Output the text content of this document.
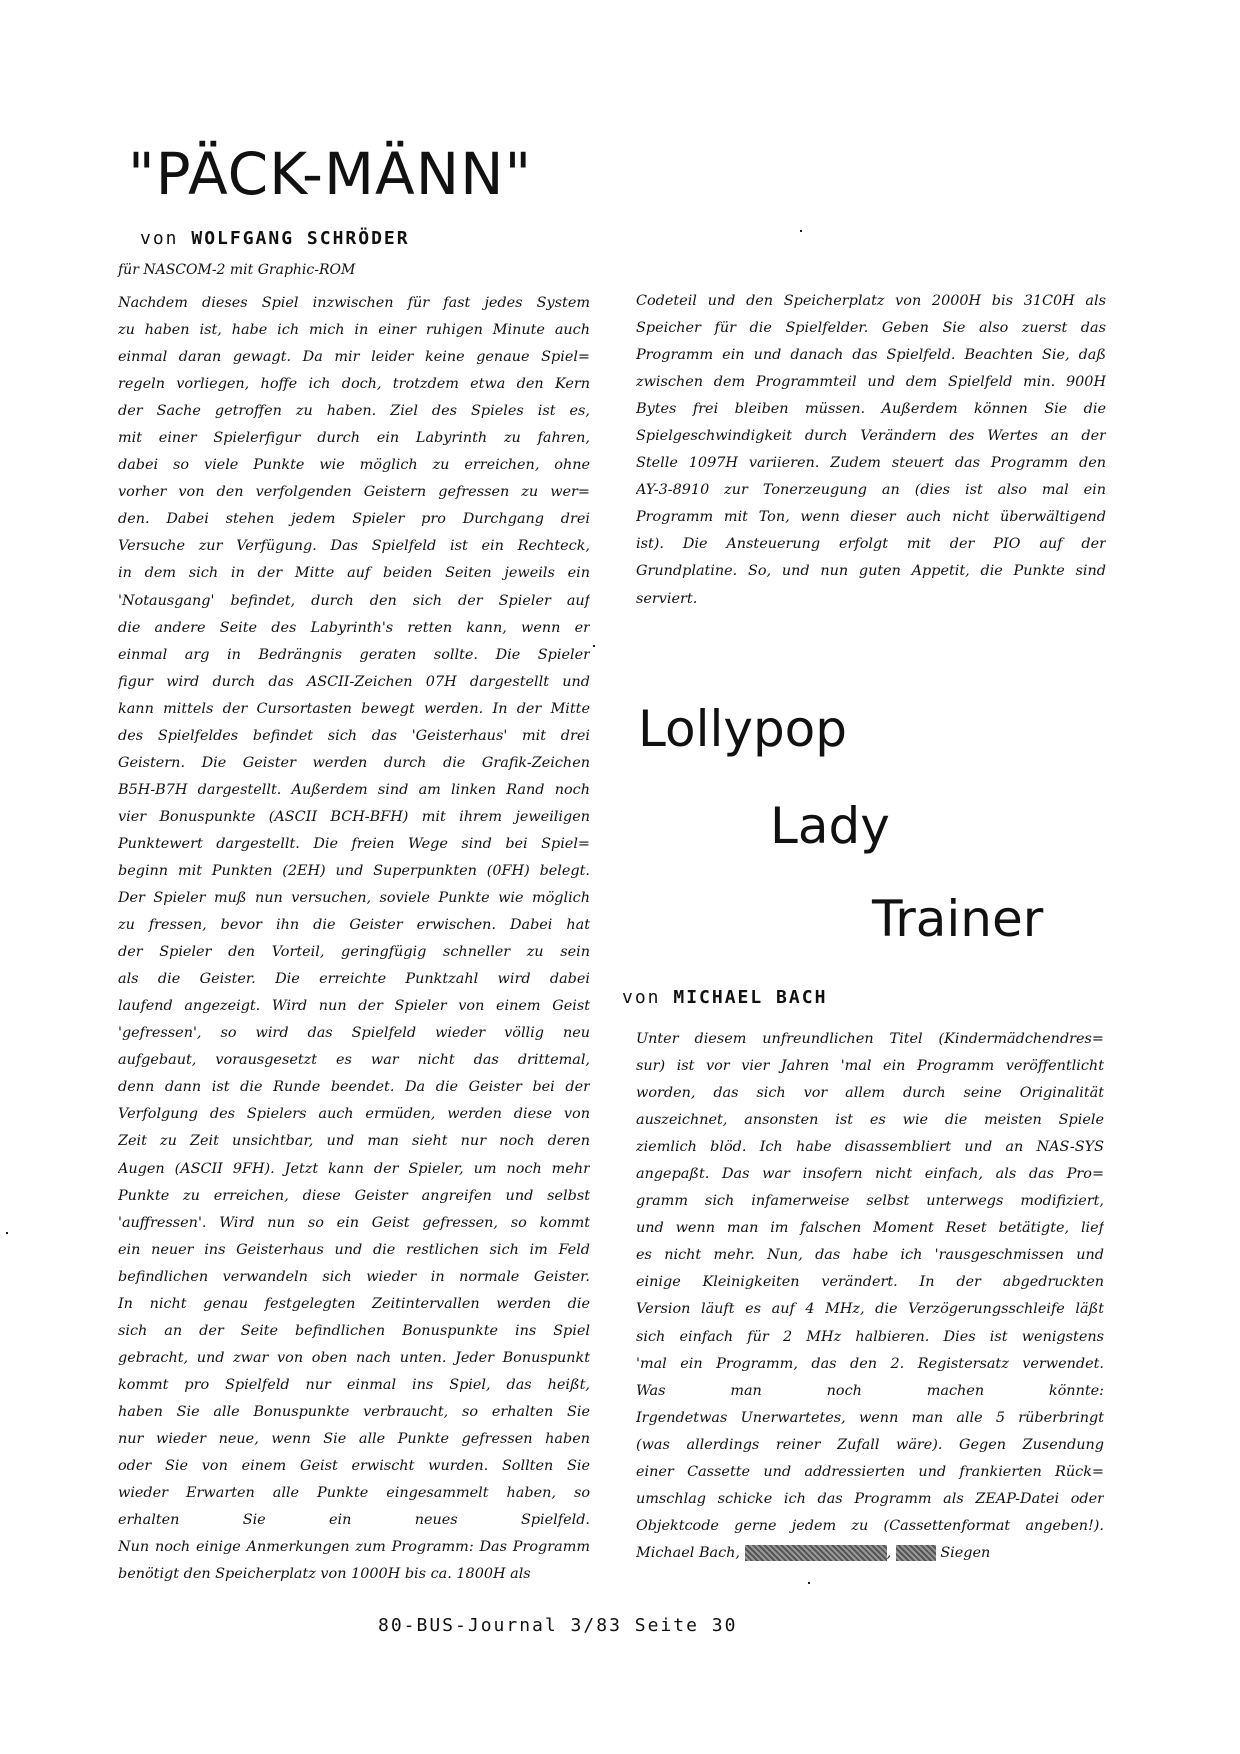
"PÄCK-MÄNN"
von WOLFGANG SCHRÖDER
für NASCOM-2 mit Graphic-ROM
Nachdem dieses Spiel inzwischen für fast jedes System
zu haben ist, habe ich mich in einer ruhigen Minute auch
einmal daran gewagt. Da mir leider keine genaue Spiel=
regeln vorliegen, hoffe ich doch, trotzdem etwa den Kern
der Sache getroffen zu haben. Ziel des Spieles ist es,
mit einer Spielerfigur durch ein Labyrinth zu fahren,
dabei so viele Punkte wie möglich zu erreichen, ohne
vorher von den verfolgenden Geistern gefressen zu wer=
den. Dabei stehen jedem Spieler pro Durchgang drei
Versuche zur Verfügung. Das Spielfeld ist ein Rechteck,
in dem sich in der Mitte auf beiden Seiten jeweils ein
'Notausgang' befindet, durch den sich der Spieler auf
die andere Seite des Labyrinth's retten kann, wenn er
einmal arg in Bedrängnis geraten sollte. Die Spieler
figur wird durch das ASCII-Zeichen 07H dargestellt und
kann mittels der Cursortasten bewegt werden. In der Mitte
des Spielfeldes befindet sich das 'Geisterhaus' mit drei
Geistern. Die Geister werden durch die Grafik-Zeichen
B5H-B7H dargestellt. Außerdem sind am linken Rand noch
vier Bonuspunkte (ASCII BCH-BFH) mit ihrem jeweiligen
Punktewert dargestellt. Die freien Wege sind bei Spiel=
beginn mit Punkten (2EH) und Superpunkten (0FH) belegt.
Der Spieler muß nun versuchen, soviele Punkte wie möglich
zu fressen, bevor ihn die Geister erwischen. Dabei hat
der Spieler den Vorteil, geringfügig schneller zu sein
als die Geister. Die erreichte Punktzahl wird dabei
laufend angezeigt. Wird nun der Spieler von einem Geist
'gefressen', so wird das Spielfeld wieder völlig neu
aufgebaut, vorausgesetzt es war nicht das drittemal,
denn dann ist die Runde beendet. Da die Geister bei der
Verfolgung des Spielers auch ermüden, werden diese von
Zeit zu Zeit unsichtbar, und man sieht nur noch deren
Augen (ASCII 9FH). Jetzt kann der Spieler, um noch mehr
Punkte zu erreichen, diese Geister angreifen und selbst
'auffressen'. Wird nun so ein Geist gefressen, so kommt
ein neuer ins Geisterhaus und die restlichen sich im Feld
befindlichen verwandeln sich wieder in normale Geister.
In nicht genau festgelegten Zeitintervallen werden die
sich an der Seite befindlichen Bonuspunkte ins Spiel
gebracht, und zwar von oben nach unten. Jeder Bonuspunkt
kommt pro Spielfeld nur einmal ins Spiel, das heißt,
haben Sie alle Bonuspunkte verbraucht, so erhalten Sie
nur wieder neue, wenn Sie alle Punkte gefressen haben
oder Sie von einem Geist erwischt wurden. Sollten Sie
wieder Erwarten alle Punkte eingesammelt haben, so
erhalten Sie ein neues Spielfeld.
Nun noch einige Anmerkungen zum Programm: Das Programm
benötigt den Speicherplatz von 1000H bis ca. 1800H als
Codeteil und den Speicherplatz von 2000H bis 31C0H als
Speicher für die Spielfelder. Geben Sie also zuerst das
Programm ein und danach das Spielfeld. Beachten Sie, daß
zwischen dem Programmteil und dem Spielfeld min. 900H
Bytes frei bleiben müssen. Außerdem können Sie die
Spielgeschwindigkeit durch Verändern des Wertes an der
Stelle 1097H variieren. Zudem steuert das Programm den
AY-3-8910 zur Tonerzeugung an (dies ist also mal ein
Programm mit Ton, wenn dieser auch nicht überwältigend
ist). Die Ansteuerung erfolgt mit der PIO auf der
Grundplatine. So, und nun guten Appetit, die Punkte sind
serviert.
Lollypop
Lady
Trainer
von MICHAEL BACH
Unter diesem unfreundlichen Titel (Kindermädchendres=
sur) ist vor vier Jahren 'mal ein Programm veröffentlicht
worden, das sich vor allem durch seine Originalität
auszeichnet, ansonsten ist es wie die meisten Spiele
ziemlich blöd. Ich habe disassembliert und an NAS-SYS
angepaßt. Das war insofern nicht einfach, als das Pro=
gramm sich infamerweise selbst unterwegs modifiziert,
und wenn man im falschen Moment Reset betätigte, lief
es nicht mehr. Nun, das habe ich 'rausgeschmissen und
einige Kleinigkeiten verändert. In der abgedruckten
Version läuft es auf 4 MHz, die Verzögerungsschleife läßt
sich einfach für 2 MHz halbieren. Dies ist wenigstens
'mal ein Programm, das den 2. Registersatz verwendet.
Was man noch machen könnte:
Irgendetwas Unerwartetes, wenn man alle 5 rüberbringt
(was allerdings reiner Zufall wäre). Gegen Zusendung
einer Cassette und addressierten und frankierten Rück=
umschlag schicke ich das Programm als ZEAP-Datei oder
Objektcode gerne jedem zu (Cassettenformat angeben!).
Michael Bach,	,	Siegen
80-BUS-Journal 3/83 Seite 30
